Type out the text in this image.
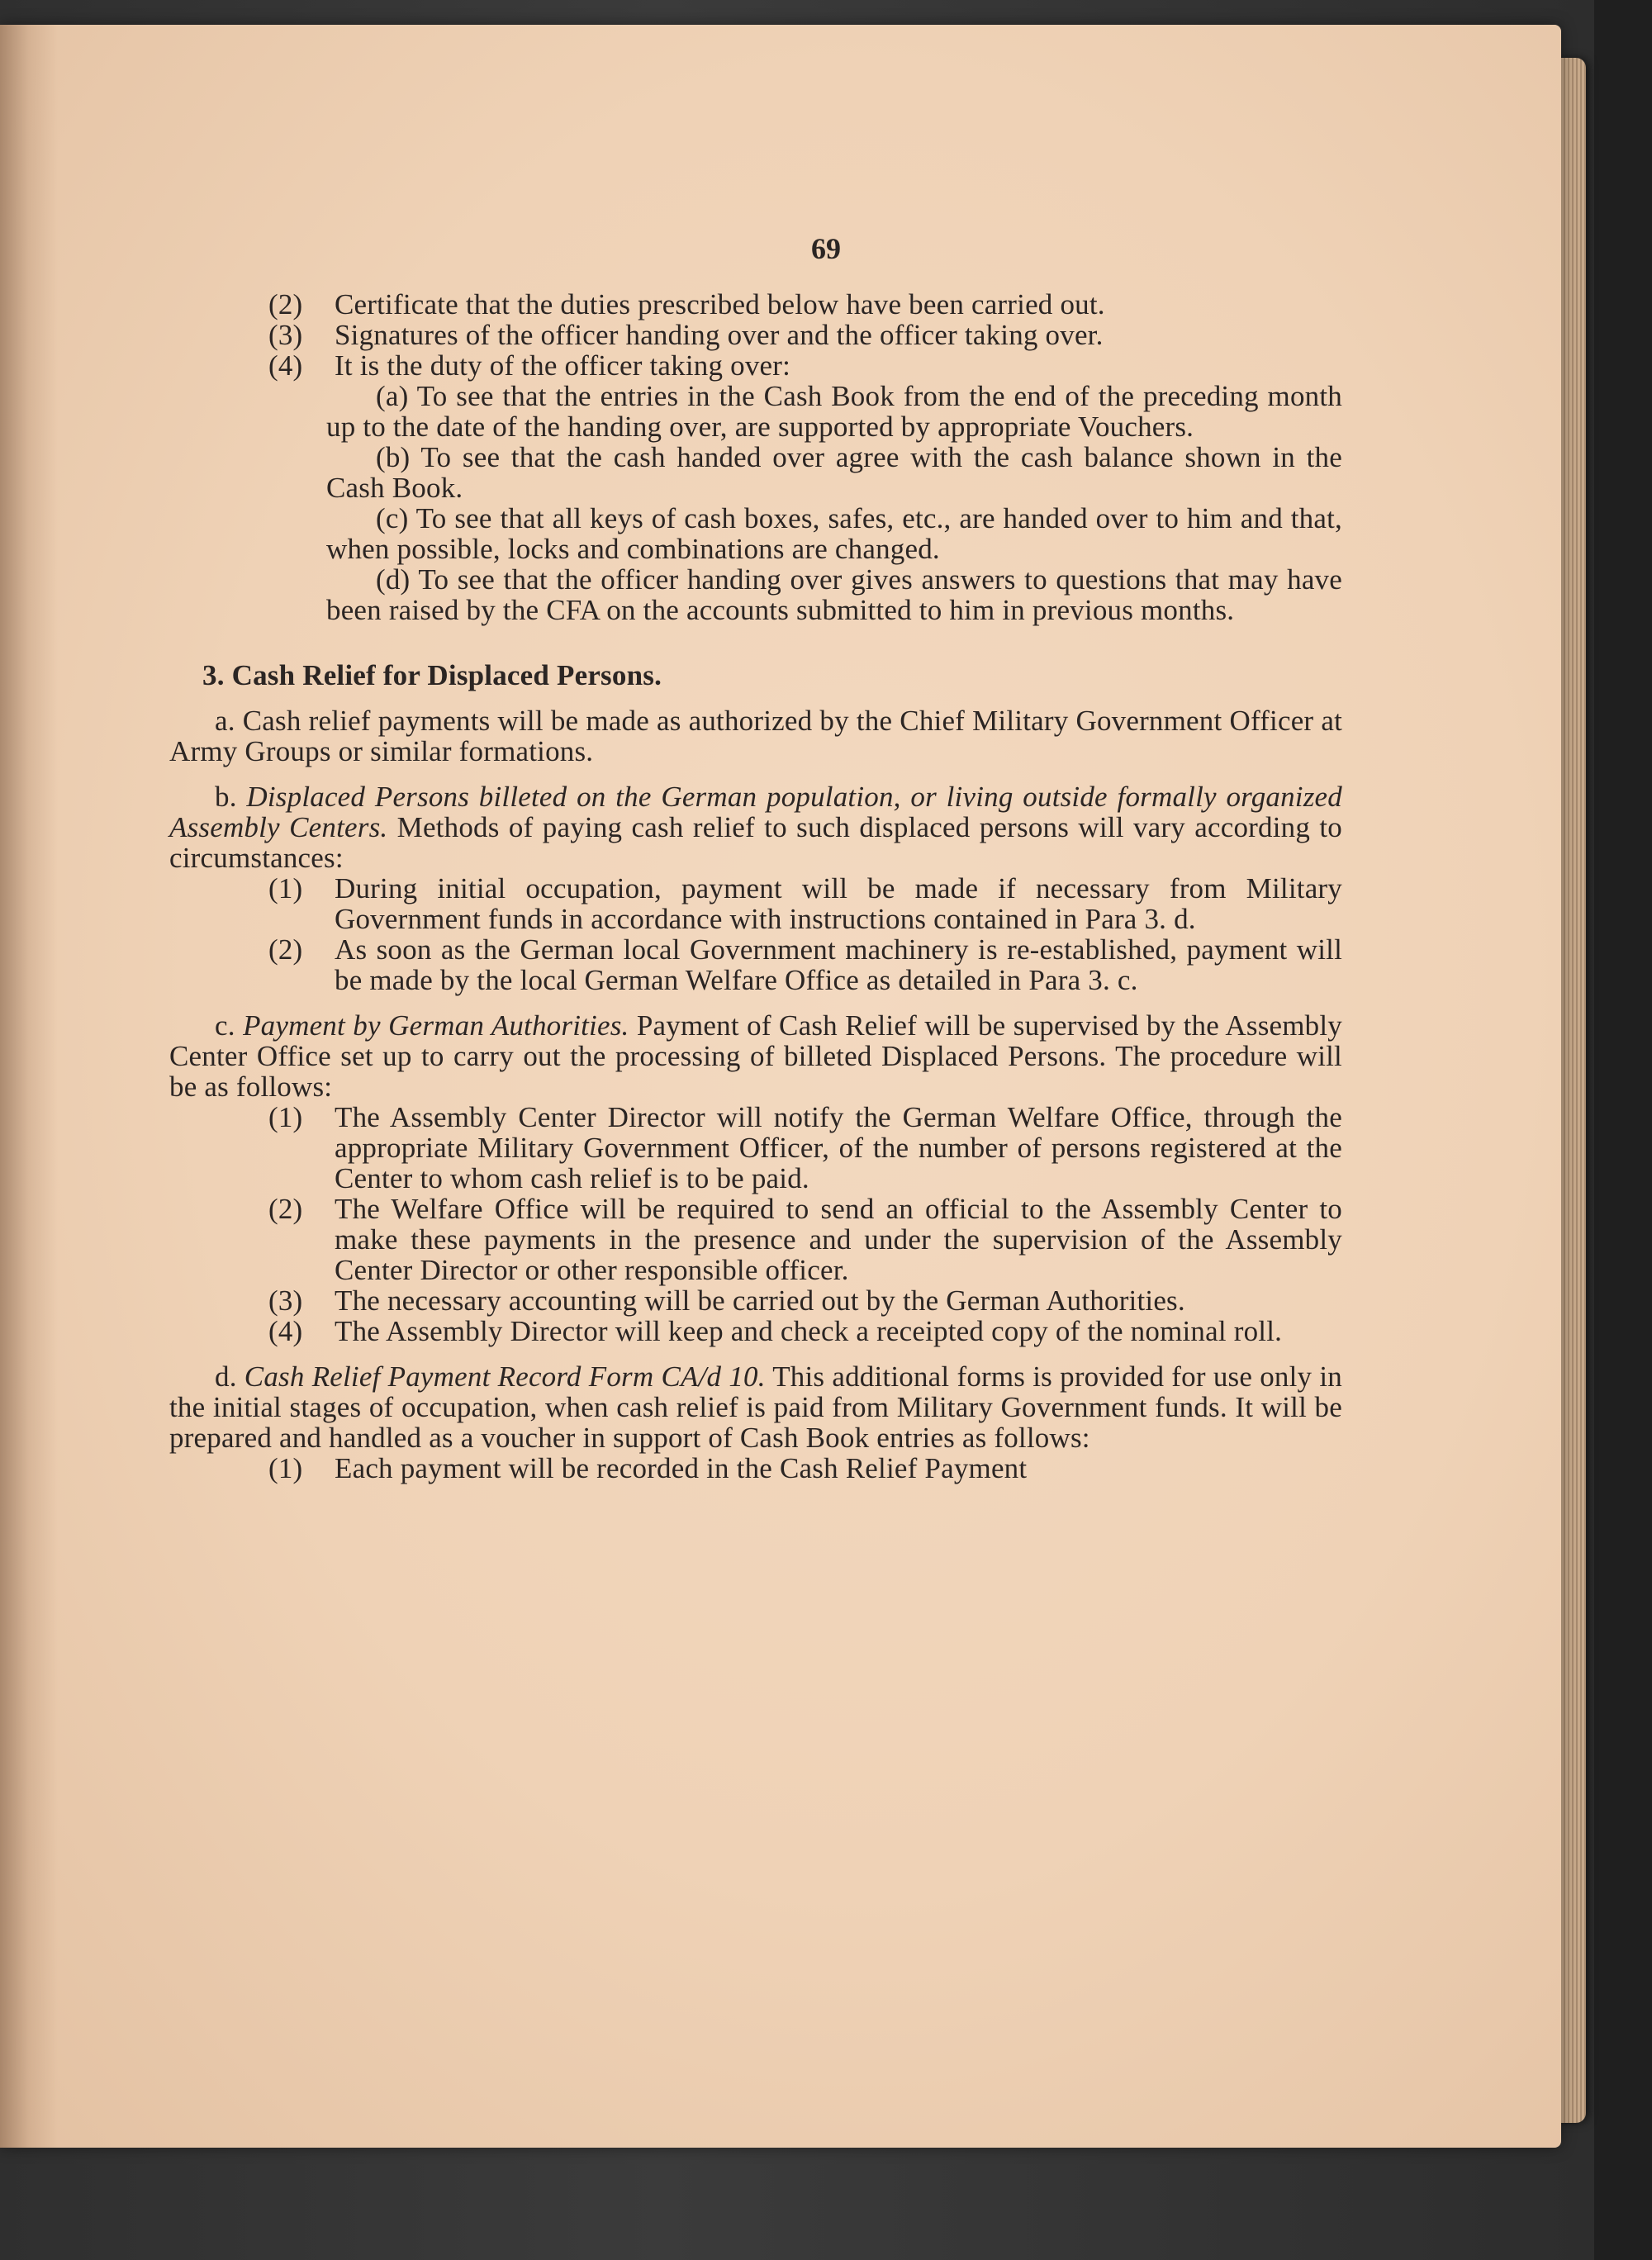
69
(2)	Certificate that the duties prescribed below have been carried out.
(3)	Signatures of the officer handing over and the officer taking over.
(4)	It is the duty of the officer taking over:

(a) To see that the entries in the Cash Book from the end of the preceding month up to the date of the handing over, are supported by appropriate Vouchers.

(b) To see that the cash handed over agree with the cash balance shown in the Cash Book.

(c) To see that all keys of cash boxes, safes, etc., are handed over to him and that, when possible, locks and combinations are changed.

(d) To see that the officer handing over gives answers to questions that may have been raised by the CFA on the accounts submitted to him in previous months.

3. Cash Relief for Displaced Persons.

a. Cash relief payments will be made as authorized by the Chief Military Government Officer at Army Groups or similar formations.

b. Displaced Persons billeted on the German population, or living outside formally organized Assembly Centers. Methods of paying cash relief to such displaced persons will vary according to circumstances:

(1)	During initial occupation, payment will be made if necessary from Military Government funds in accordance with instructions contained in Para 3. d.
(2)	As soon as the German local Government machinery is re-established, payment will be made by the local German Welfare Office as detailed in Para 3. c.

c. Payment by German Authorities. Payment of Cash Relief will be supervised by the Assembly Center Office set up to carry out the processing of billeted Displaced Persons. The procedure will be as follows:

(1)	The Assembly Center Director will notify the German Welfare Office, through the appropriate Military Government Officer, of the number of persons registered at the Center to whom cash relief is to be paid.
(2)	The Welfare Office will be required to send an official to the Assembly Center to make these payments in the presence and under the supervision of the Assembly Center Director or other responsible officer.
(3)	The necessary accounting will be carried out by the German Authorities.
(4)	The Assembly Director will keep and check a receipted copy of the nominal roll.

d. Cash Relief Payment Record Form CA/d 10. This additional forms is provided for use only in the initial stages of occupation, when cash relief is paid from Military Government funds. It will be prepared and handled as a voucher in support of Cash Book entries as follows:

(1)	Each payment will be recorded in the Cash Relief Payment
